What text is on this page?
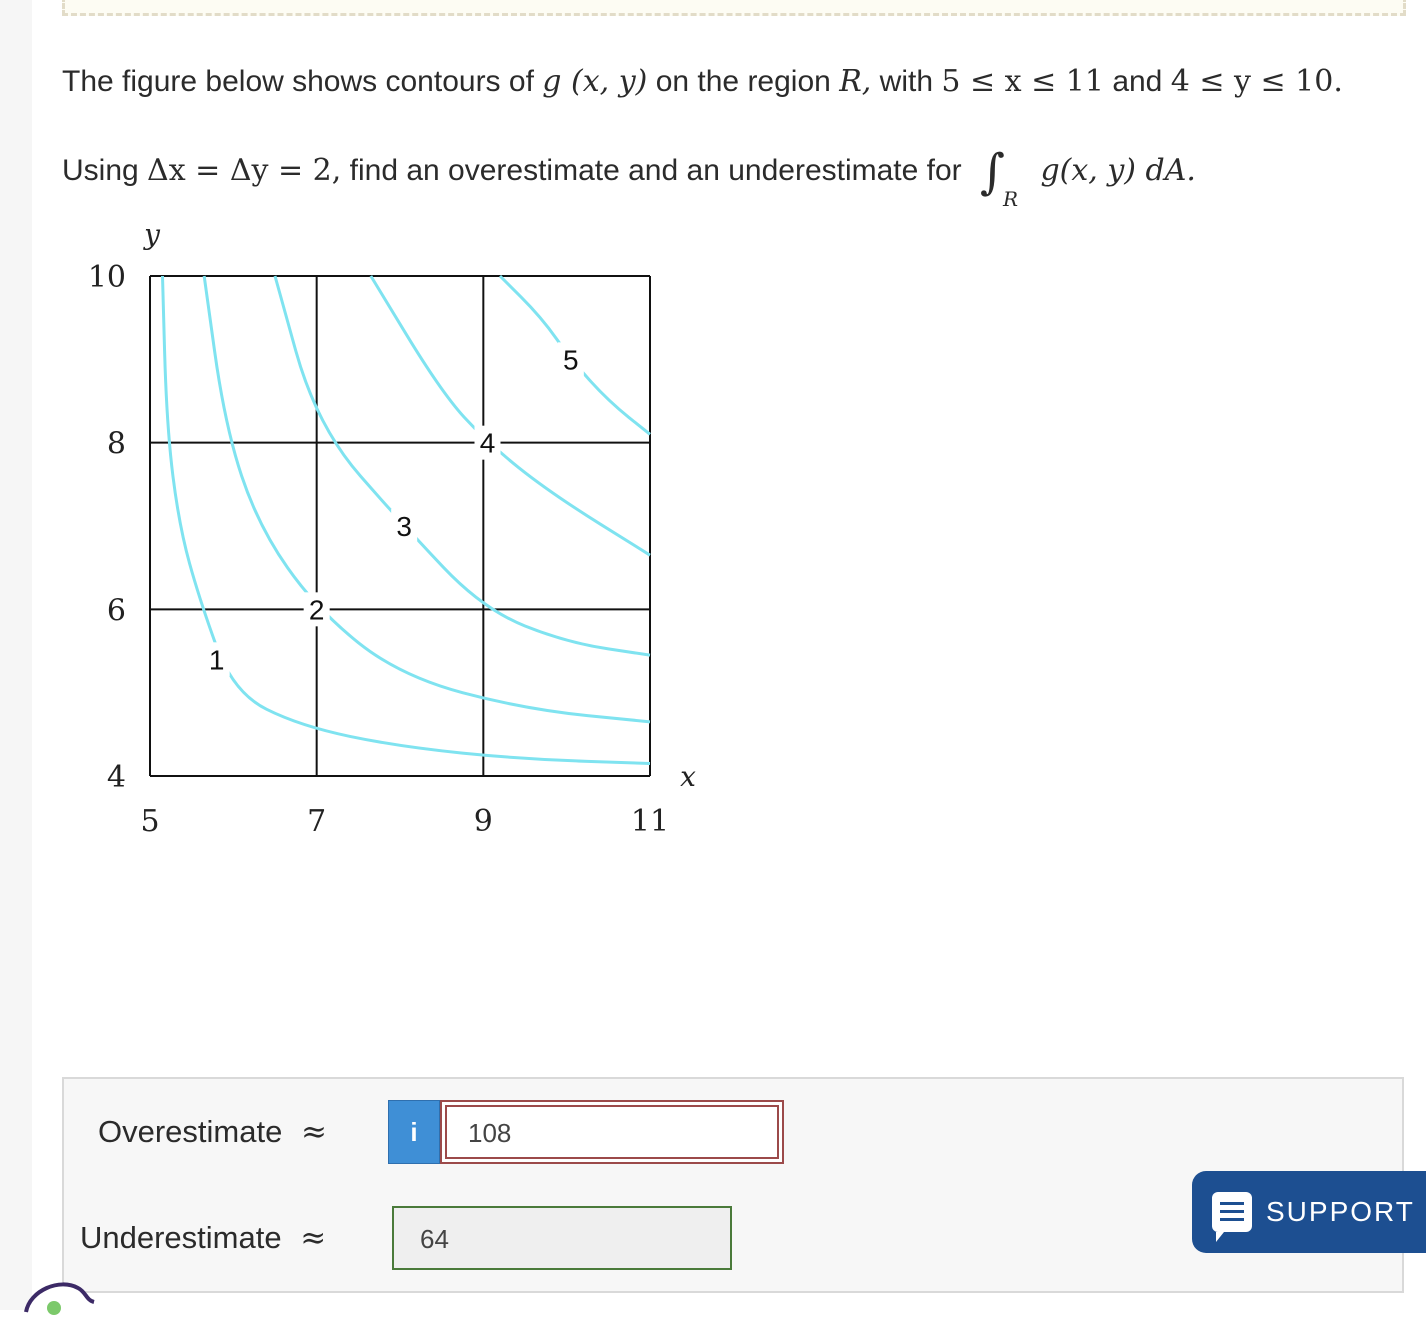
The figure below shows contours of g (x, y) on the region R, with 5 ≤ x ≤ 11 and 4 ≤ y ≤ 10.
Using Δx = Δy = 2, find an overestimate and an underestimate for $\int_R$ g(x, y) dA.
1
2
3
4
5
5	7	9	11
4
6
8
10
x
y
Overestimate ≈	i
108
Underestimate ≈
64
SUPPORT
